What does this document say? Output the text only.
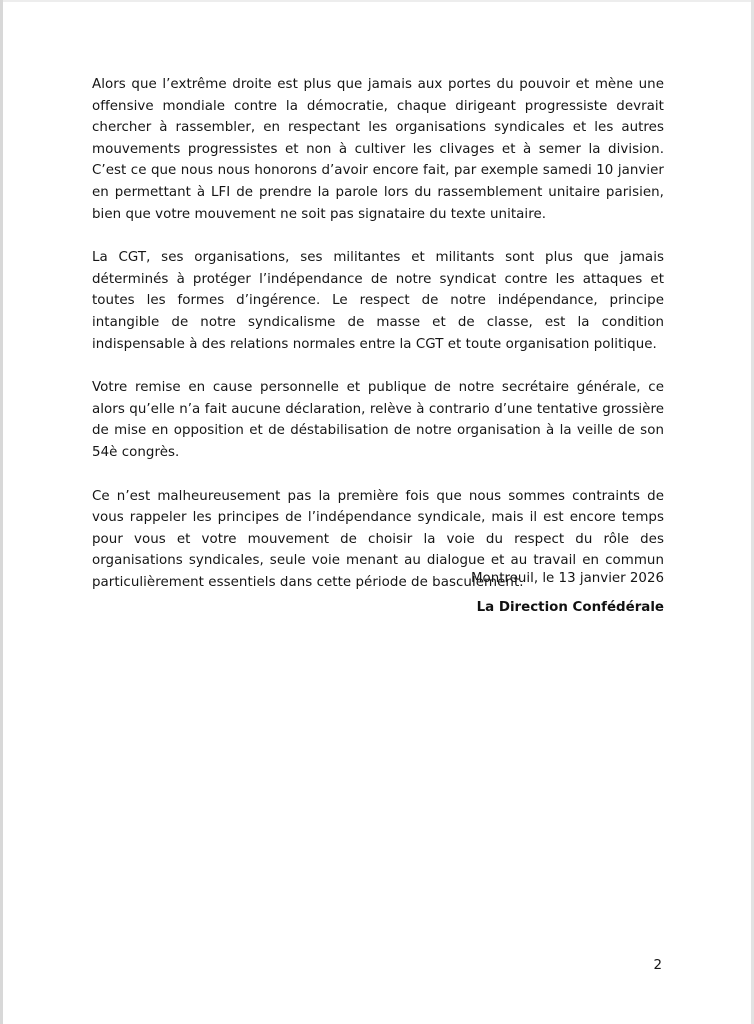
Alors que l’extrême droite est plus que jamais aux portes du pouvoir et mène une offensive mondiale contre la démocratie, chaque dirigeant progressiste devrait chercher à rassembler, en respectant les organisations syndicales et les autres mouvements progressistes et non à cultiver les clivages et à semer la division. C’est ce que nous nous honorons d’avoir encore fait, par exemple samedi 10 janvier en permettant à LFI de prendre la parole lors du rassemblement unitaire parisien, bien que votre mouvement ne soit pas signataire du texte unitaire.

La CGT, ses organisations, ses militantes et militants sont plus que jamais déterminés à protéger l’indépendance de notre syndicat contre les attaques et toutes les formes d’ingérence. Le respect de notre indépendance, principe intangible de notre syndicalisme de masse et de classe, est la condition indispensable à des relations normales entre la CGT et toute organisation politique.

Votre remise en cause personnelle et publique de notre secrétaire générale, ce alors qu’elle n’a fait aucune déclaration, relève à contrario d’une tentative grossière de mise en opposition et de déstabilisation de notre organisation à la veille de son 54è congrès.

Ce n’est malheureusement pas la première fois que nous sommes contraints de vous rappeler les principes de l’indépendance syndicale, mais il est encore temps pour vous et votre mouvement de choisir la voie du respect du rôle des organisations syndicales, seule voie menant au dialogue et au travail en commun particulièrement essentiels dans cette période de basculement.

Montreuil, le 13 janvier 2026
La Direction Confédérale
2
